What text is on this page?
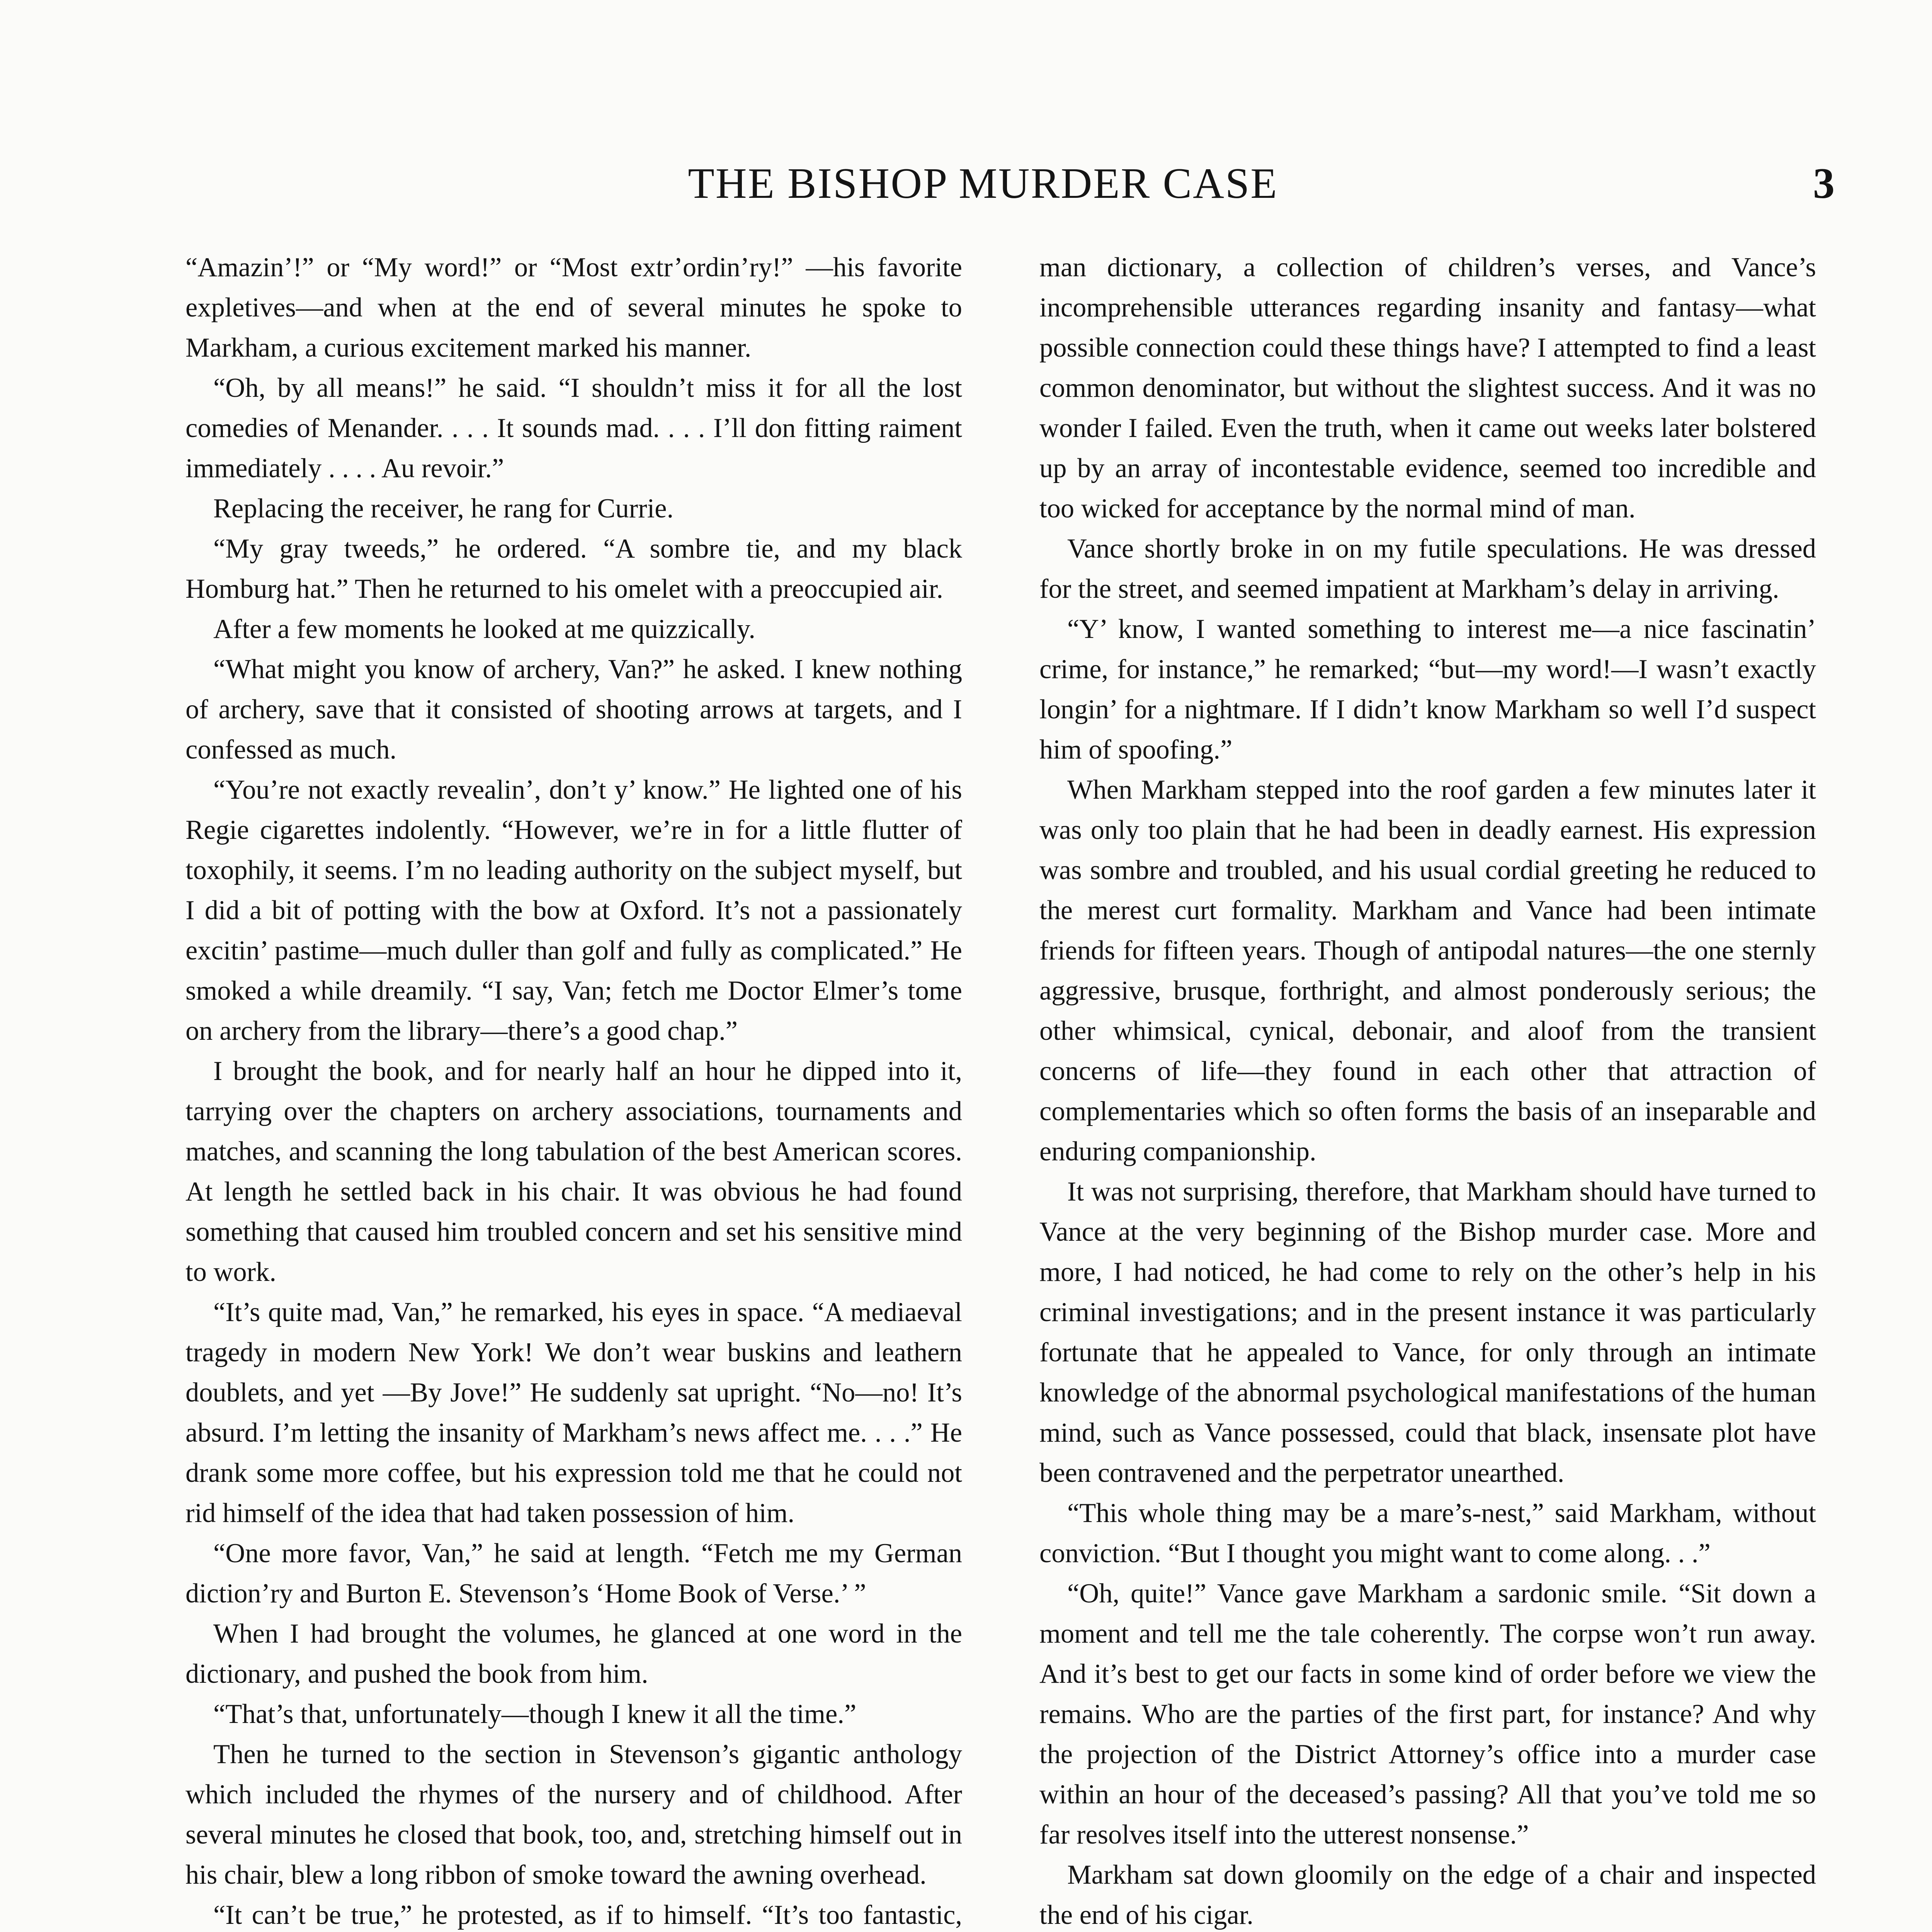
THE BISHOP MURDER CASE	3

“Amazin’!” or “My word!” or “Most extr’ordin’ry!” —his favorite expletives—and when at the end of several minutes he spoke to Markham, a curious excitement marked his manner.

“Oh, by all means!” he said. “I shouldn’t miss it for all the lost comedies of Menander. . . . It sounds mad. . . . I’ll don fitting raiment immediately . . . . Au revoir.”

Replacing the receiver, he rang for Currie.

“My gray tweeds,” he ordered. “A sombre tie, and my black Homburg hat.” Then he returned to his omelet with a preoccupied air.

After a few moments he looked at me quizzically.

“What might you know of archery, Van?” he asked. I knew nothing of archery, save that it consisted of shooting arrows at targets, and I confessed as much.

“You’re not exactly revealin’, don’t y’ know.” He lighted one of his Regie cigarettes indolently. “However, we’re in for a little flutter of toxophily, it seems. I’m no leading authority on the subject myself, but I did a bit of potting with the bow at Oxford. It’s not a passionately excitin’ pastime—much duller than golf and fully as complicated.” He smoked a while dreamily. “I say, Van; fetch me Doctor Elmer’s tome on archery from the library—there’s a good chap.”

I brought the book, and for nearly half an hour he dipped into it, tarrying over the chapters on archery associations, tournaments and matches, and scanning the long tabulation of the best American scores. At length he settled back in his chair. It was obvious he had found something that caused him troubled concern and set his sensitive mind to work.

“It’s quite mad, Van,” he remarked, his eyes in space. “A mediaeval tragedy in modern New York! We don’t wear buskins and leathern doublets, and yet —By Jove!” He suddenly sat upright. “No—no! It’s absurd. I’m letting the insanity of Markham’s news affect me. . . .” He drank some more coffee, but his expression told me that he could not rid himself of the idea that had taken possession of him.

“One more favor, Van,” he said at length. “Fetch me my German diction’ry and Burton E. Stevenson’s ‘Home Book of Verse.’ ”

When I had brought the volumes, he glanced at one word in the dictionary, and pushed the book from him.

“That’s that, unfortunately—though I knew it all the time.”

Then he turned to the section in Stevenson’s gigantic anthology which included the rhymes of the nursery and of childhood. After several minutes he closed that book, too, and, stretching himself out in his chair, blew a long ribbon of smoke toward the awning overhead.

“It can’t be true,” he protested, as if to himself. “It’s too fantastic,

man dictionary, a collection of children’s verses, and Vance’s incomprehensible utterances regarding insanity and fantasy—what possible connection could these things have? I attempted to find a least common denominator, but without the slightest success. And it was no wonder I failed. Even the truth, when it came out weeks later bolstered up by an array of incontestable evidence, seemed too incredible and too wicked for acceptance by the normal mind of man.

Vance shortly broke in on my futile speculations. He was dressed for the street, and seemed impatient at Markham’s delay in arriving.

“Y’ know, I wanted something to interest me—a nice fascinatin’ crime, for instance,” he remarked; “but—my word!—I wasn’t exactly longin’ for a nightmare. If I didn’t know Markham so well I’d suspect him of spoofing.”

When Markham stepped into the roof garden a few minutes later it was only too plain that he had been in deadly earnest. His expression was sombre and troubled, and his usual cordial greeting he reduced to the merest curt formality. Markham and Vance had been intimate friends for fifteen years. Though of antipodal natures—the one sternly aggressive, brusque, forthright, and almost ponderously serious; the other whimsical, cynical, debonair, and aloof from the transient concerns of life—they found in each other that attraction of complementaries which so often forms the basis of an inseparable and enduring companionship.

It was not surprising, therefore, that Markham should have turned to Vance at the very beginning of the Bishop murder case. More and more, I had noticed, he had come to rely on the other’s help in his criminal investigations; and in the present instance it was particularly fortunate that he appealed to Vance, for only through an intimate knowledge of the abnormal psychological manifestations of the human mind, such as Vance possessed, could that black, insensate plot have been contravened and the perpetrator unearthed.

“This whole thing may be a mare’s-nest,” said Markham, without conviction. “But I thought you might want to come along. . .”

“Oh, quite!” Vance gave Markham a sardonic smile. “Sit down a moment and tell me the tale coherently. The corpse won’t run away. And it’s best to get our facts in some kind of order before we view the remains. Who are the parties of the first part, for instance? And why the projection of the District Attorney’s office into a murder case within an hour of the deceased’s passing? All that you’ve told me so far resolves itself into the utterest nonsense.”

Markham sat down gloomily on the edge of a chair and inspected the end of his cigar.
